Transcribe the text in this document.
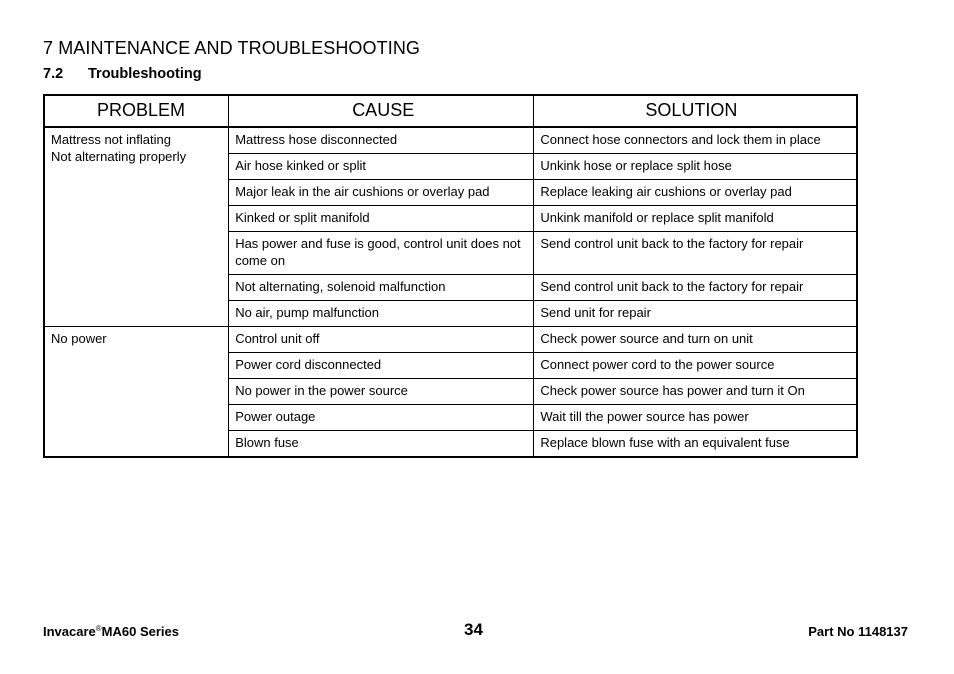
7 MAINTENANCE AND TROUBLESHOOTING
7.2 Troubleshooting
PROBLEM	CAUSE	SOLUTION

Mattress not inflating
Not alternating properly	Mattress hose disconnected	Connect hose connectors and lock them in place
	Air hose kinked or split	Unkink hose or replace split hose
	Major leak in the air cushions or overlay pad	Replace leaking air cushions or overlay pad
	Kinked or split manifold	Unkink manifold or replace split manifold
	Has power and fuse is good, control unit does not come on	Send control unit back to the factory for repair
	Not alternating, solenoid malfunction	Send control unit back to the factory for repair
	No air, pump malfunction	Send unit for repair

No power	Control unit off	Check power source and turn on unit
	Power cord disconnected	Connect power cord to the power source
	No power in the power source	Check power source has power and turn it On
	Power outage	Wait till the power source has power
	Blown fuse	Replace blown fuse with an equivalent fuse
Invacare®MA60 Series	34	Part No 1148137
